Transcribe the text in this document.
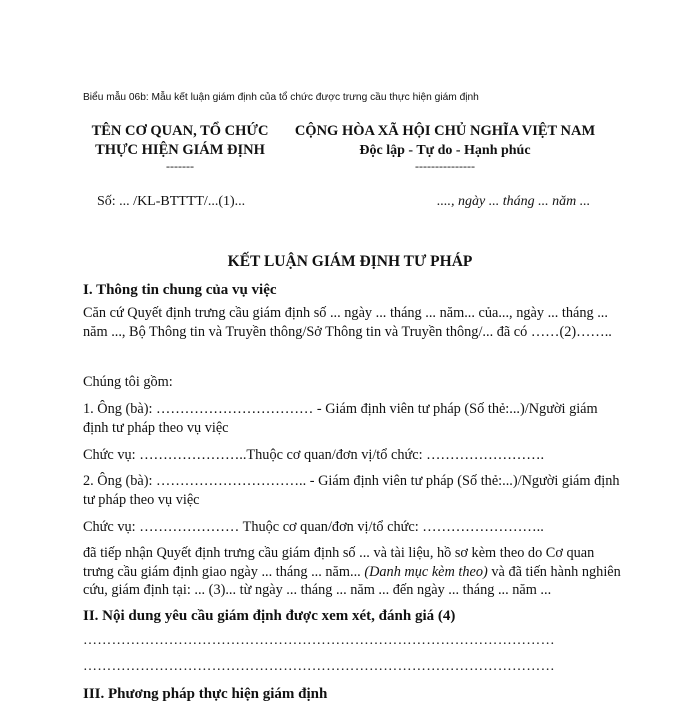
Biểu mẫu 06b: Mẫu kết luận giám định của tổ chức được trưng cầu thực hiện giám định
TÊN CƠ QUAN, TỔ CHỨC
THỰC HIỆN GIÁM ĐỊNH
-------
CỘNG HÒA XÃ HỘI CHỦ NGHĨA VIỆT NAM
Độc lập - Tự do - Hạnh phúc
---------------
Số: ... /KL-BTTTT/...(1)...	...., ngày ... tháng ... năm ...
KẾT LUẬN GIÁM ĐỊNH TƯ PHÁP
I. Thông tin chung của vụ việc
Căn cứ Quyết định trưng cầu giám định số ... ngày ... tháng ... năm... của..., ngày ... tháng ... năm ..., Bộ Thông tin và Truyền thông/Sở Thông tin và Truyền thông/... đã có ……(2)……..
Chúng tôi gồm:
1. Ông (bà): …………………………… - Giám định viên tư pháp (Số thẻ:...)/Người giám định tư pháp theo vụ việc
Chức vụ: …………………..Thuộc cơ quan/đơn vị/tổ chức: …………………….
2. Ông (bà): ………………………….. - Giám định viên tư pháp (Số thẻ:...)/Người giám định tư pháp theo vụ việc
Chức vụ: ………………… Thuộc cơ quan/đơn vị/tổ chức: ……………………..
đã tiếp nhận Quyết định trưng cầu giám định số ... và tài liệu, hồ sơ kèm theo do Cơ quan trưng cầu giám định giao ngày ... tháng ... năm... (Danh mục kèm theo) và đã tiến hành nghiên cứu, giám định tại: ... (3)... từ ngày ... tháng ... năm ... đến ngày ... tháng ... năm ...
II. Nội dung yêu cầu giám định được xem xét, đánh giá (4)
………………………………………………………………………………………
………………………………………………………………………………………
III. Phương pháp thực hiện giám định
